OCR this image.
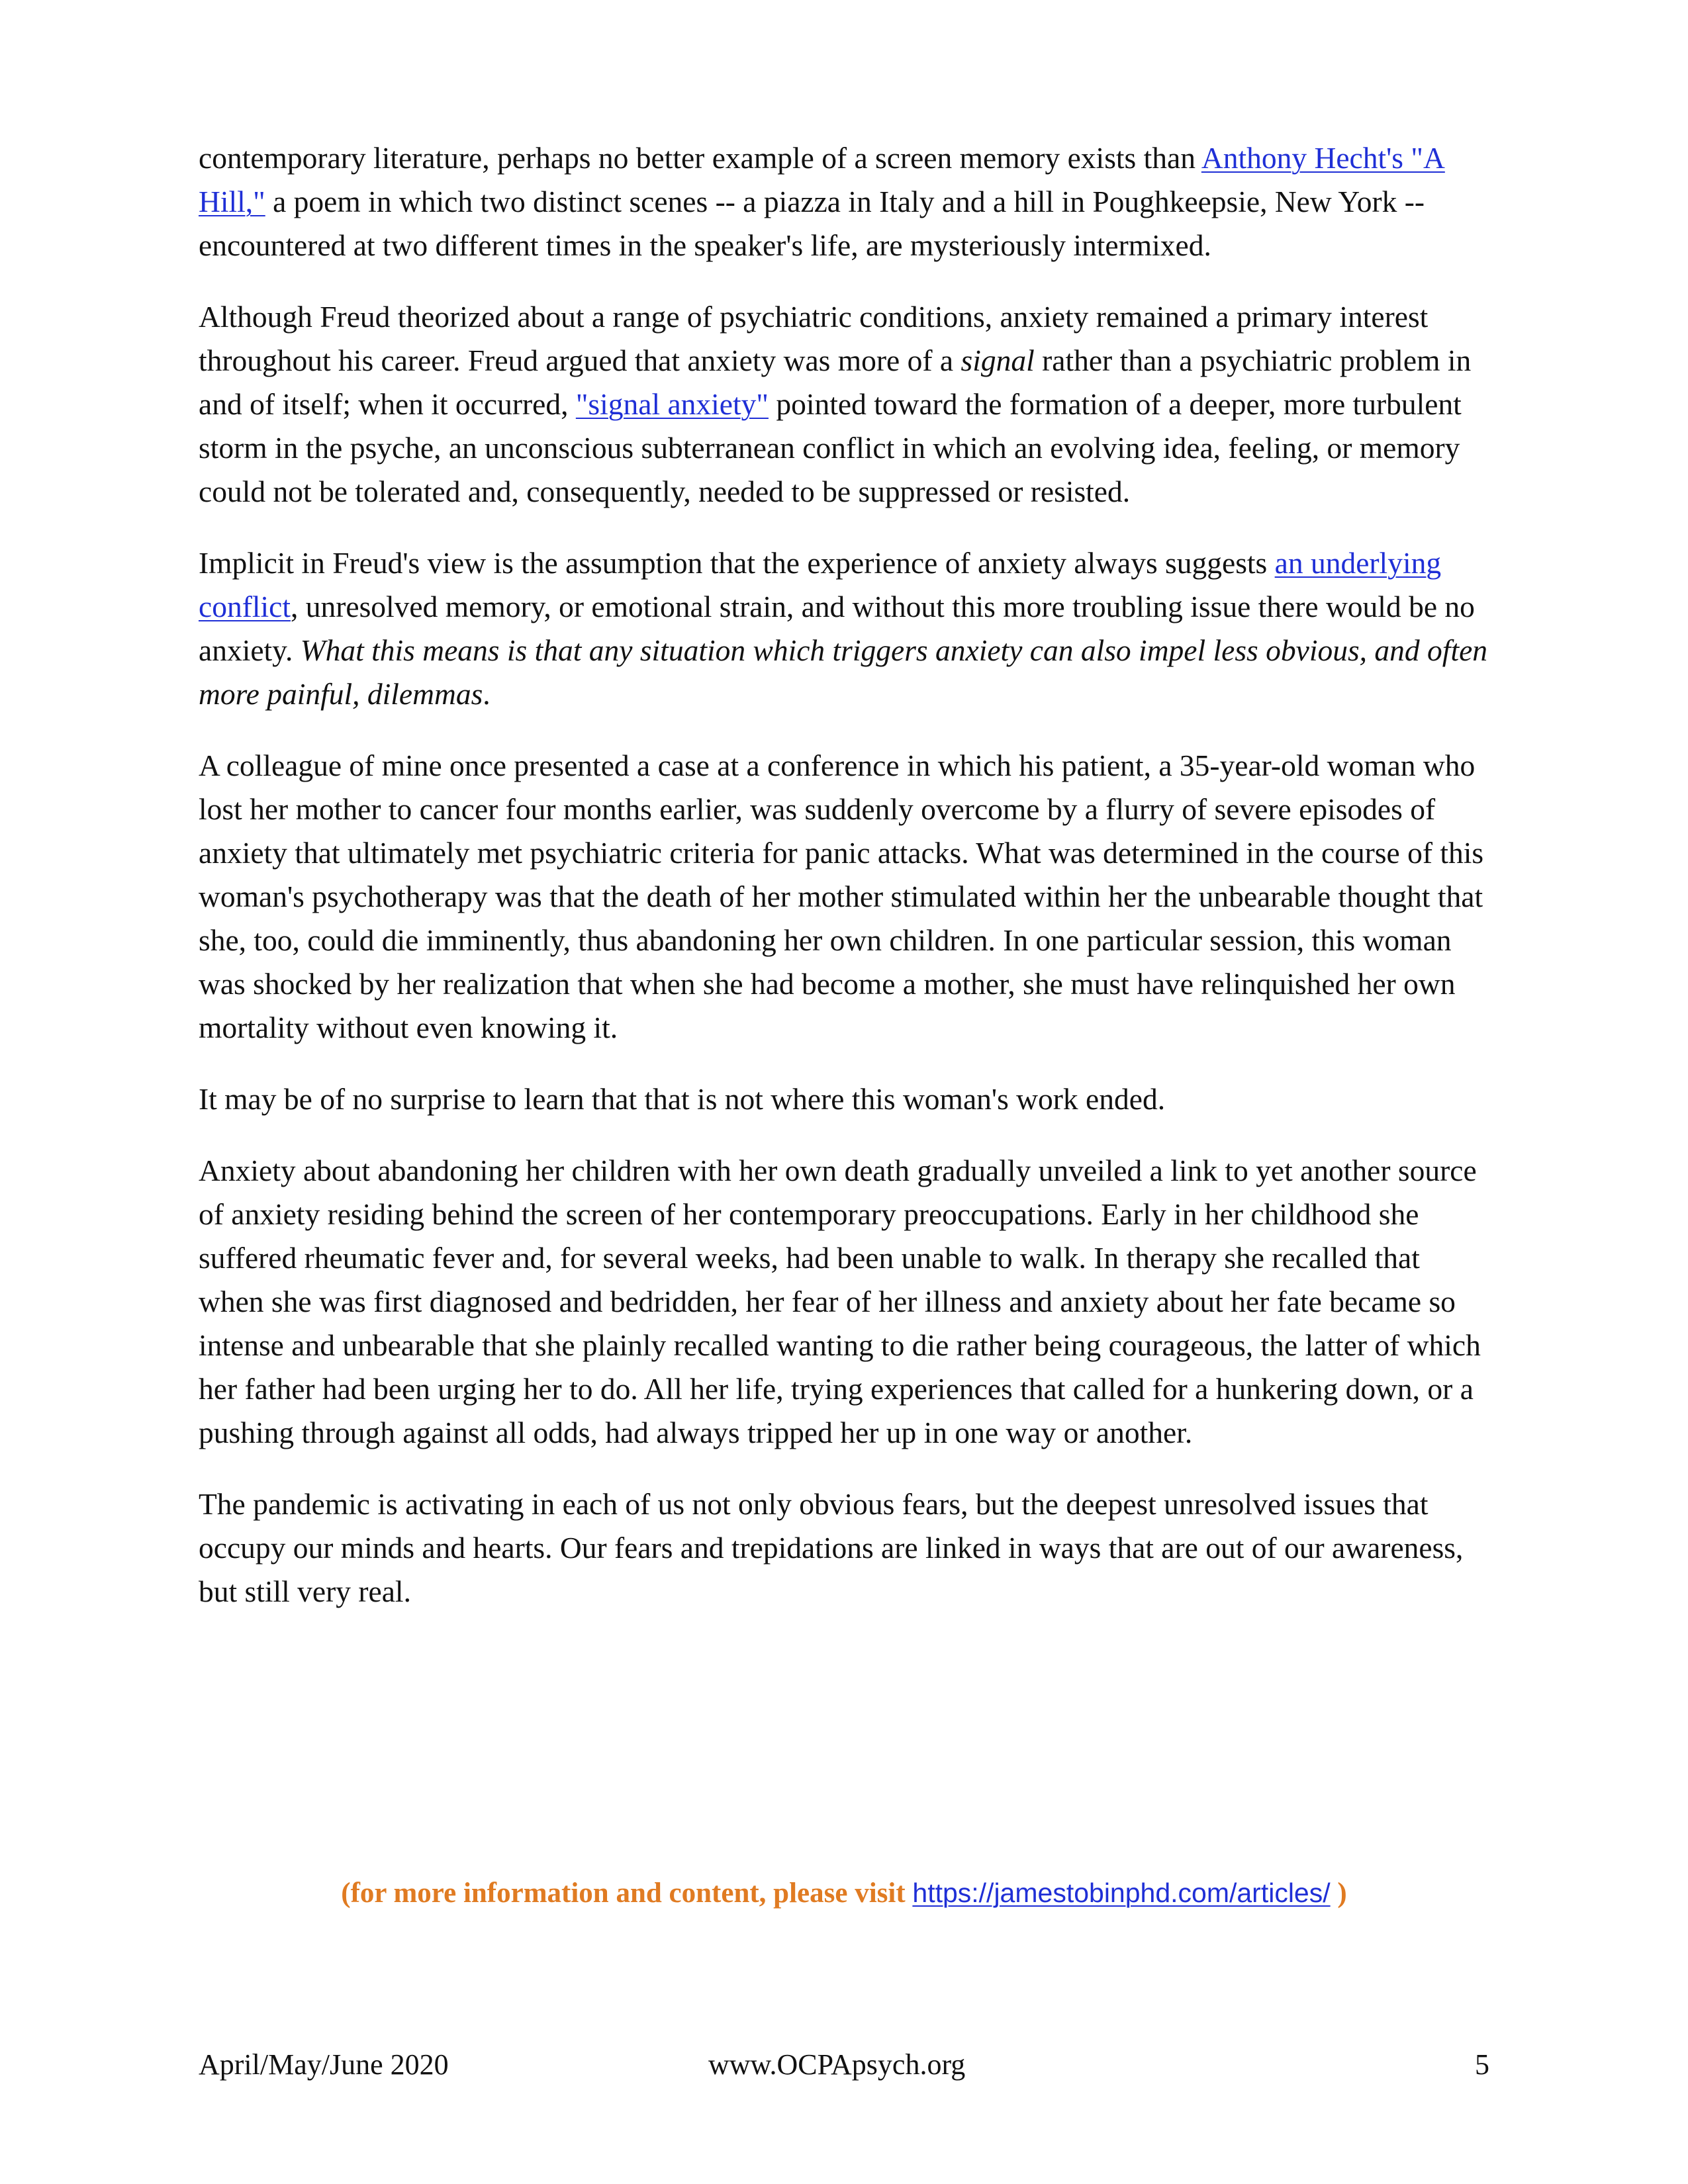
contemporary literature, perhaps no better example of a screen memory exists than Anthony Hecht's "A Hill," a poem in which two distinct scenes -- a piazza in Italy and a hill in Poughkeepsie, New York -- encountered at two different times in the speaker's life, are mysteriously intermixed.

Although Freud theorized about a range of psychiatric conditions, anxiety remained a primary interest throughout his career. Freud argued that anxiety was more of a signal rather than a psychiatric problem in and of itself; when it occurred, "signal anxiety" pointed toward the formation of a deeper, more turbulent storm in the psyche, an unconscious subterranean conflict in which an evolving idea, feeling, or memory could not be tolerated and, consequently, needed to be suppressed or resisted.

Implicit in Freud's view is the assumption that the experience of anxiety always suggests an underlying conflict, unresolved memory, or emotional strain, and without this more troubling issue there would be no anxiety. What this means is that any situation which triggers anxiety can also impel less obvious, and often more painful, dilemmas.

A colleague of mine once presented a case at a conference in which his patient, a 35-year-old woman who lost her mother to cancer four months earlier, was suddenly overcome by a flurry of severe episodes of anxiety that ultimately met psychiatric criteria for panic attacks. What was determined in the course of this woman's psychotherapy was that the death of her mother stimulated within her the unbearable thought that she, too, could die imminently, thus abandoning her own children. In one particular session, this woman was shocked by her realization that when she had become a mother, she must have relinquished her own mortality without even knowing it.

It may be of no surprise to learn that that is not where this woman's work ended.

Anxiety about abandoning her children with her own death gradually unveiled a link to yet another source of anxiety residing behind the screen of her contemporary preoccupations. Early in her childhood she suffered rheumatic fever and, for several weeks, had been unable to walk. In therapy she recalled that when she was first diagnosed and bedridden, her fear of her illness and anxiety about her fate became so intense and unbearable that she plainly recalled wanting to die rather being courageous, the latter of which her father had been urging her to do. All her life, trying experiences that called for a hunkering down, or a pushing through against all odds, had always tripped her up in one way or another.

The pandemic is activating in each of us not only obvious fears, but the deepest unresolved issues that occupy our minds and hearts. Our fears and trepidations are linked in ways that are out of our awareness, but still very real.

(for more information and content, please visit https://jamestobinphd.com/articles/ )
April/May/June 2020	www.OCPApsych.org	5
